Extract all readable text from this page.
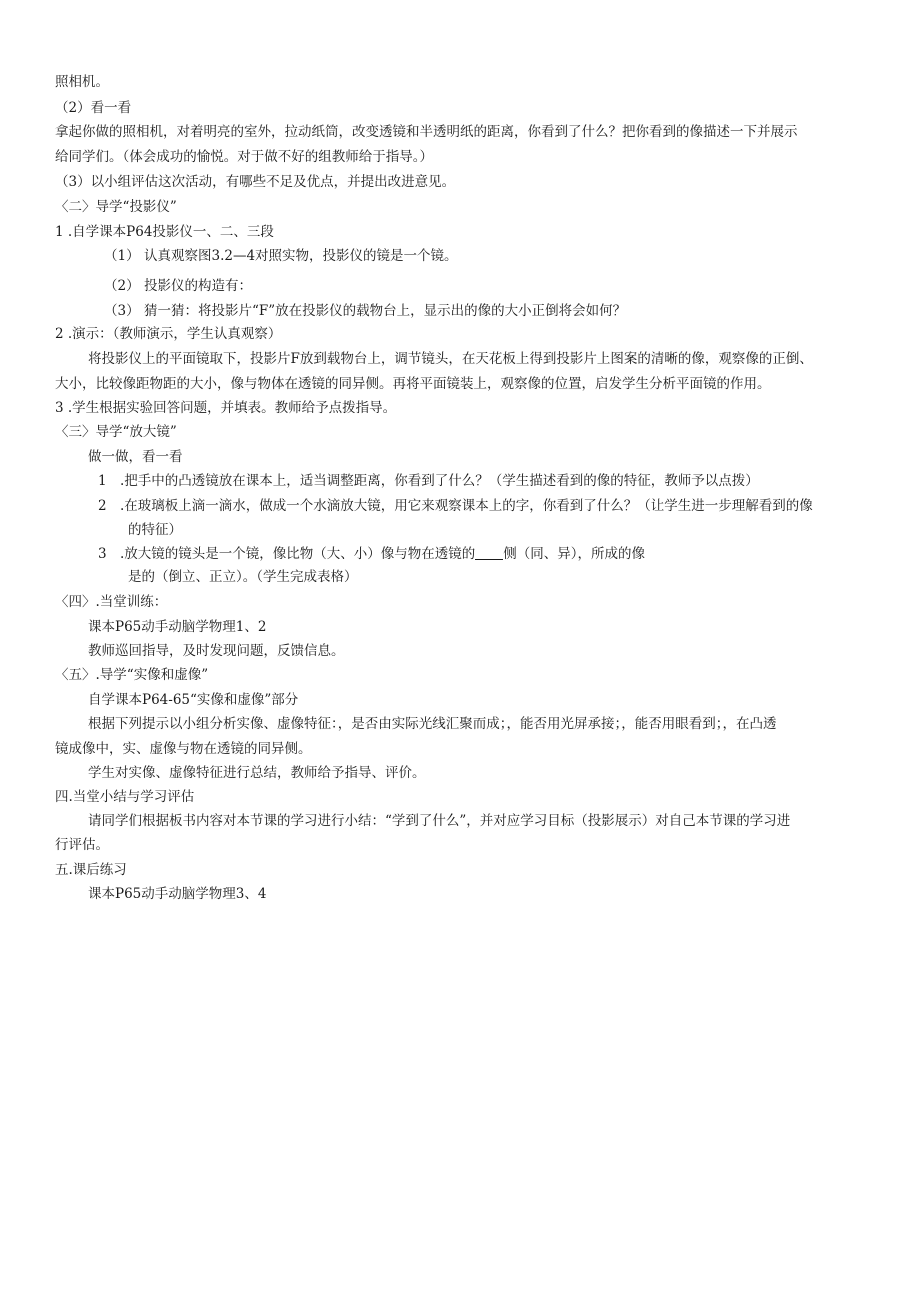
照相机。
（2）看一看
拿起你做的照相机，对着明亮的室外，拉动纸筒，改变透镜和半透明纸的距离，你看到了什么？把你看到的像描述一下并展示
给同学们。（体会成功的愉悦。对于做不好的组教师给于指导。）
（3）以小组评估这次活动，有哪些不足及优点，并提出改进意见。
〈二〉导学“投影仪”
1 .自学课本P64投影仪一、二、三段
（1） 认真观察图3.2—4对照实物，投影仪的镜是一个镜。
（2） 投影仪的构造有：
（3） 猜一猜：将投影片“F”放在投影仪的载物台上，显示出的像的大小正倒将会如何？
2 .演示：（教师演示，学生认真观察）
将投影仪上的平面镜取下，投影片F放到载物台上，调节镜头，在天花板上得到投影片上图案的清晰的像，观察像的正倒、
大小，比较像距物距的大小，像与物体在透镜的同异侧。再将平面镜装上，观察像的位置，启发学生分析平面镜的作用。
3 .学生根据实验回答问题，并填表。教师给予点拨指导。
〈三〉导学“放大镜”
做一做，看一看
1 .把手中的凸透镜放在课本上，适当调整距离，你看到了什么？（学生描述看到的像的特征，教师予以点拨）
2 .在玻璃板上滴一滴水，做成一个水滴放大镜，用它来观察课本上的字，你看到了什么？（让学生进一步理解看到的像
的特征）
3 .放大镜的镜头是一个镜，像比物（大、小）像与物在透镜的 侧（同、异），所成的像
是的（倒立、正立）。（学生完成表格）
〈四〉.当堂训练：
课本P65动手动脑学物理1、2
教师巡回指导，及时发现问题，反馈信息。
〈五〉.导学“实像和虚像”
自学课本P64-65“实像和虚像”部分
根据下列提示以小组分析实像、虚像特征：，是否由实际光线汇聚而成；，能否用光屏承接；，能否用眼看到；，在凸透
镜成像中，实、虚像与物在透镜的同异侧。
学生对实像、虚像特征进行总结，教师给予指导、评价。
四.当堂小结与学习评估
请同学们根据板书内容对本节课的学习进行小结：“学到了什么”，并对应学习目标（投影展示）对自己本节课的学习进
行评估。
五.课后练习
课本P65动手动脑学物理3、4
